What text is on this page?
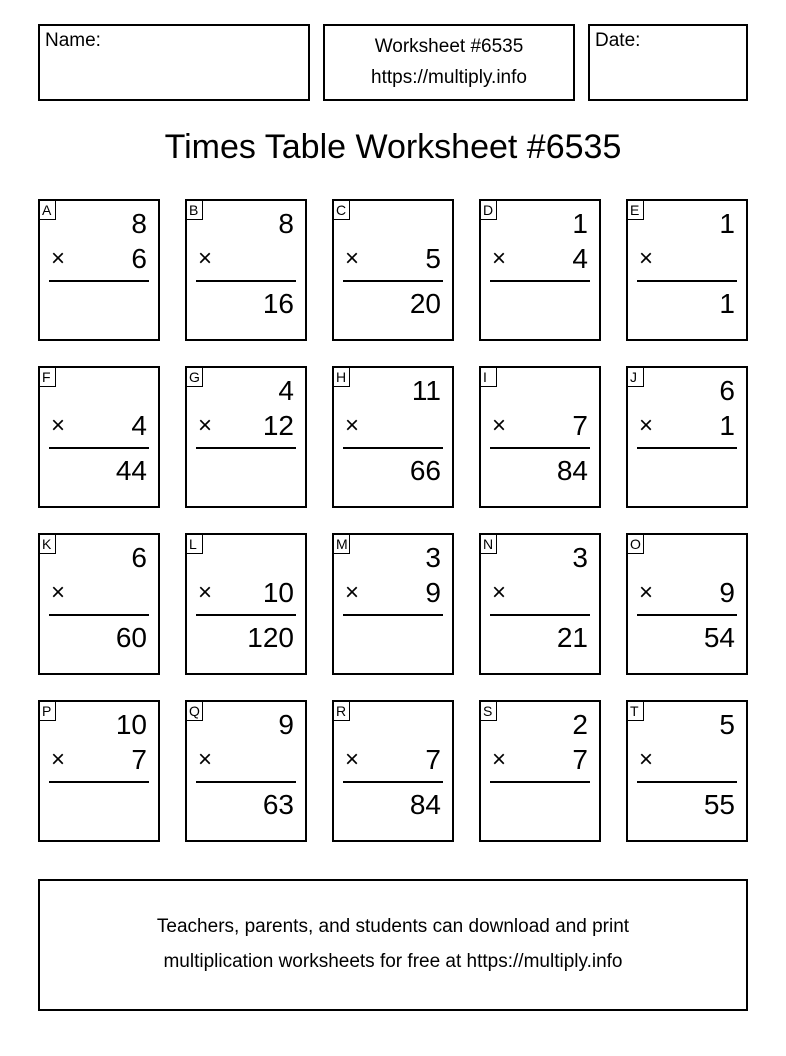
Name:	Worksheet #6535
https://multiply.info
Date:
Times Table Worksheet #6535
A	8
× 6
B	8
×
16
C
× 5
20
D	1
× 4
E	1
×
1
F
× 4
44
G	4
× 12
H 11
×
66
I
× 7
84
J	6
× 1
K	6
×
60
L
× 10
120
M	3
× 9
N	3
×
21
O
× 9
54
P 10
× 7
Q	9
×
63
R
× 7
84
S	2
× 7
T	5
×
55
Teachers, parents, and students can download and print
multiplication worksheets for free at https://multiply.info
